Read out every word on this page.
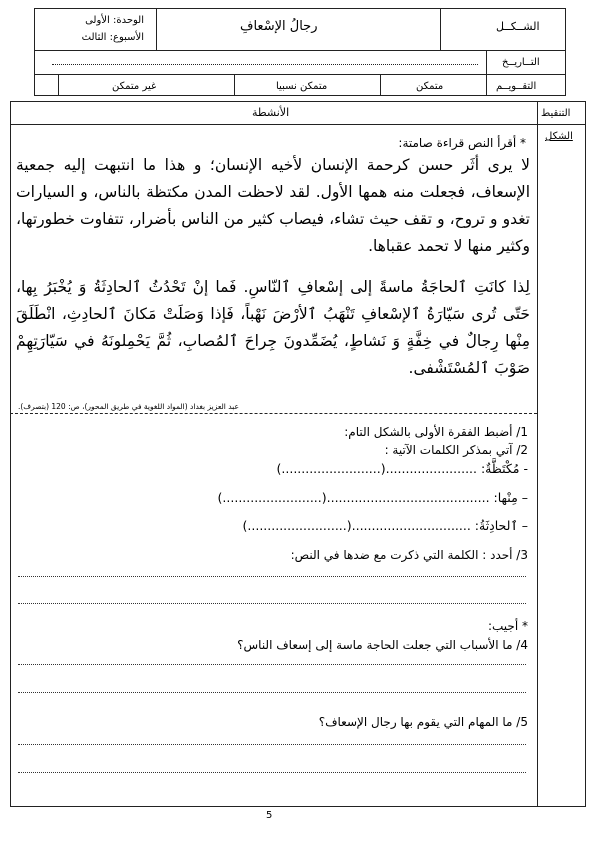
الوحدة: الأولى
الأسبوع: الثالث
رجالُ الإسْعافِ	الشــكــل
التــاريــخ
التقــويــم
متمكن
متمكن نسبيا
غير متمكن
الأنشطة	التنقيط
الشكل
* أقرأ النص قراءة صامتة:
لا يرى أثَر حسن كرحمة الإنسان لأخيه الإنسان؛ و هذا ما انتبهت إليه جمعية الإسعاف، فجعلت منه همها الأول. لقد لاحظت المدن مكتظة بالناس، و السيارات تغدو و تروح، و تقف حيث تشاء، فيصاب كثير من الناس بأضرار، تتفاوت خطورتها، وكثير منها لا تحمد عقباها.
لِذا كانَتِ ٱلحاجَةُ ماسةً إلى إسْعافِ ٱلنّاسِ. فَما إنْ تَحْدُثُ ٱلحادِثَةُ وَ يُخْبَرُ بِها، حَتّى تُرى سَيّارَةُ ٱلإسْعافِ تَنْهَبُ ٱلأرْضَ نَهْباً، فَإذا وَصَلَتْ مَكانَ ٱلحادِثِ، انْطَلَقَ مِنْها رِجالٌ في خِفَّةٍ وَ نَشاطٍ، يُضَمِّدونَ جِراحَ ٱلمُصابِ، ثُمَّ يَحْمِلونَهُ في سَيّارَتِهِمْ صَوْبَ ٱلمُسْتَشْفى.
عبد العزيز بغداد (المواد اللغوية في طريق المحور)، ص: 120 (بتصرف).
1/ أضبط الفقرة الأولى بالشكل التام:
2/ آتي بمذكر الكلمات الآتية :
- مُكْتَظَّةٌ: .......................(.........................)
– مِنْها: .........................................(.........................)
– ٱلحادِثَةُ: ..............................(.........................)
3/ أحدد : الكلمة التي ذكرت مع ضدها في النص:
* أجيب:
4/ ما الأسباب التي جعلت الحاجة ماسة إلى إسعاف الناس؟
5/ ما المهام التي يقوم بها رجال الإسعاف؟
5
